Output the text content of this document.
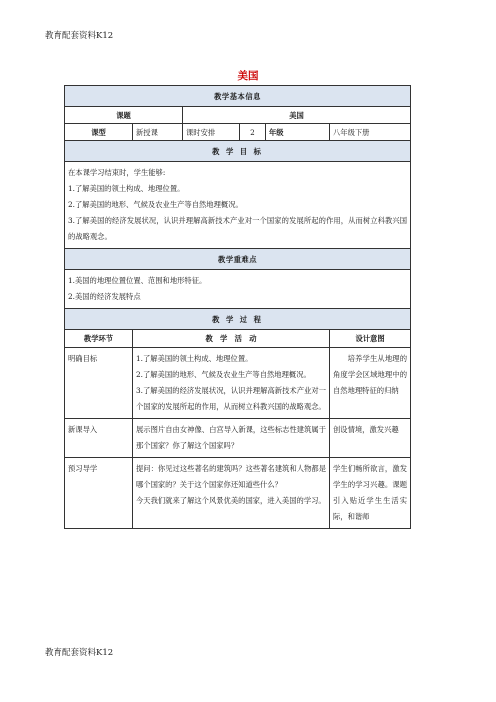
教育配套资料K12
美国
教学基本信息					
课题		美国			
课型	新授课	课时安排	2	年级	八年级下册
教 学 目 标					

在本课学习结束时，学生能够:

1.了解美国的领土构成、地理位置。

2.了解美国的地形、气候及农业生产等自然地理概况。

3.了解美国的经济发展状况，认识并理解高新技术产业对一个国家的发展所起的作用，从而树立科教兴国的战略观念。					

教学重难点					

1.美国的地理位置位置、范围和地形特征。

2.美国的经济发展特点					

教 学 过 程					
教学环节	教　学　活　动				设计意图
明确目标	1.了解美国的领土构成、地理位置。

2.了解美国的地形、气候及农业生产等自然地理概况。

3.了解美国的经济发展状况，认识并理解高新技术产业对一个国家的发展所起的作用，从而树立科教兴国的战略观念。				培养学生从地理的角度学会区域地理中的自然地理特征的归纳
新课导入	展示图片自由女神像、白宫导入新课，这些标志性建筑属于那个国家？你了解这个国家吗？				创设情境，激发兴趣
预习导学	提问：你见过这些著名的建筑吗？这些著名建筑和人物都是哪个国家的？关于这个国家你还知道些什么？

今天我们就来了解这个风景优美的国家，进入美国的学习。				学生们畅所欲言，激发学生的学习兴趣。课题引入贴近学生生活实际，和谐师
教育配套资料K12
